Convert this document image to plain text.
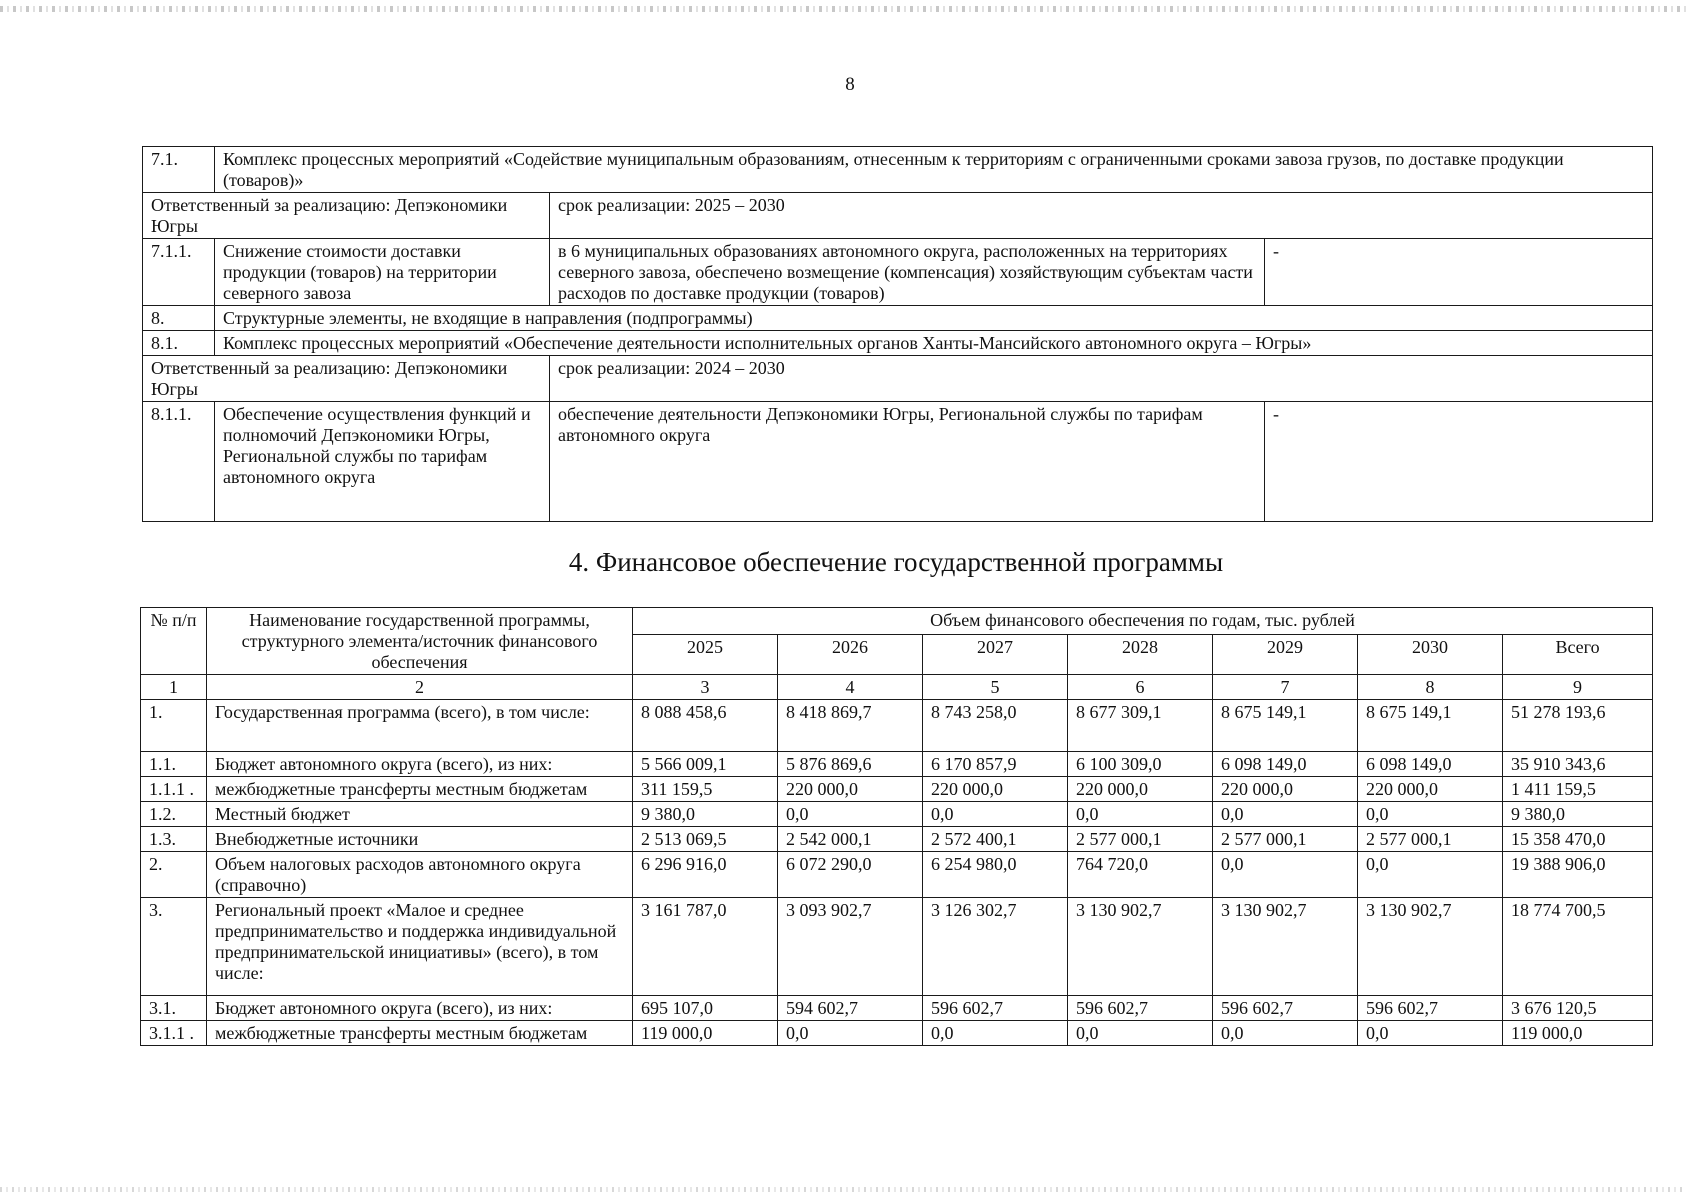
8
7.1.	Комплекс процессных мероприятий «Содействие муниципальным образованиям, отнесенным к территориям с ограниченными сроками завоза грузов, по доставке продукции (товаров)»		
Ответственный за реализацию: Депэкономики Югры		срок реализации: 2025 – 2030	
7.1.1.	Снижение стоимости доставки продукции (товаров) на территории северного завоза	в 6 муниципальных образованиях автономного округа, расположенных на территориях северного завоза, обеспечено возмещение (компенсация) хозяйствующим субъектам части расходов по доставке продукции (товаров)	-
8.	Структурные элементы, не входящие в направления (подпрограммы)		
8.1.	Комплекс процессных мероприятий «Обеспечение деятельности исполнительных органов Ханты-Мансийского автономного округа – Югры»		
Ответственный за реализацию: Депэкономики Югры		срок реализации: 2024 – 2030	
8.1.1.	Обеспечение осуществления функций и полномочий Депэкономики Югры, Региональной службы по тарифам автономного округа	обеспечение деятельности Депэкономики Югры, Региональной службы по тарифам автономного округа	-
4. Финансовое обеспечение государственной программы
№ п/п	Наименование государственной программы, структурного элемента/источник финансового обеспечения	Объем финансового обеспечения по годам, тыс. рублей						
		2025	2026	2027	2028	2029	2030	Всего
1	2	3	4	5	6	7	8	9
1.	Государственная программа (всего), в том числе:	8 088 458,6	8 418 869,7	8 743 258,0	8 677 309,1	8 675 149,1	8 675 149,1	51 278 193,6
1.1.	Бюджет автономного округа (всего), из них:	5 566 009,1	5 876 869,6	6 170 857,9	6 100 309,0	6 098 149,0	6 098 149,0	35 910 343,6
1.1.1 .	межбюджетные трансферты местным бюджетам	311 159,5	220 000,0	220 000,0	220 000,0	220 000,0	220 000,0	1 411 159,5
1.2.	Местный бюджет	9 380,0	0,0	0,0	0,0	0,0	0,0	9 380,0
1.3.	Внебюджетные источники	2 513 069,5	2 542 000,1	2 572 400,1	2 577 000,1	2 577 000,1	2 577 000,1	15 358 470,0
2.	Объем налоговых расходов автономного округа (справочно)	6 296 916,0	6 072 290,0	6 254 980,0	764 720,0	0,0	0,0	19 388 906,0
3.	Региональный проект «Малое и среднее предпринимательство и поддержка индивидуальной предпринимательской инициативы» (всего), в том числе:	3 161 787,0	3 093 902,7	3 126 302,7	3 130 902,7	3 130 902,7	3 130 902,7	18 774 700,5
3.1.	Бюджет автономного округа (всего), из них:	695 107,0	594 602,7	596 602,7	596 602,7	596 602,7	596 602,7	3 676 120,5
3.1.1 .	межбюджетные трансферты местным бюджетам	119 000,0	0,0	0,0	0,0	0,0	0,0	119 000,0
